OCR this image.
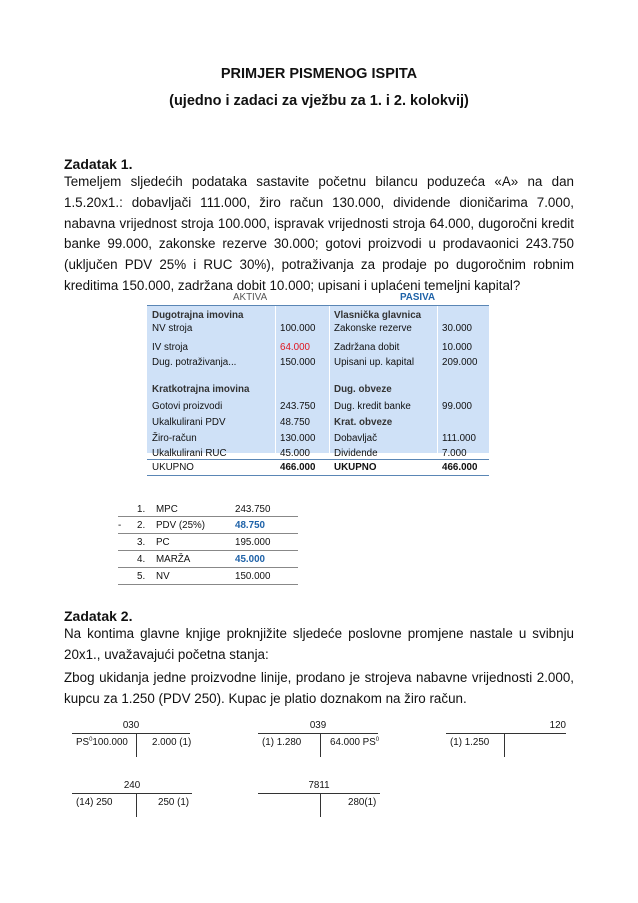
PRIMJER PISMENOG ISPITA
(ujedno i zadaci za vježbu za 1. i 2. kolokvij)
Zadatak 1.
Temeljem sljedećih podataka sastavite početnu bilancu poduzeća «A» na dan 1.5.20x1.: dobavljači 111.000, žiro račun 130.000, dividende dioničarima 7.000, nabavna vrijednost stroja 100.000, ispravak vrijednosti stroja 64.000, dugoročni kredit banke 99.000, zakonske rezerve 30.000; gotovi proizvodi u prodavaonici 243.750 (uključen PDV 25% i RUC 30%), potraživanja za prodaje po dugoročnim robnim kreditima 150.000, zadržana dobit 10.000; upisani i uplaćeni temeljni kapital?
AKTIVA	PASIVA
Dugotrajna imovina	Vlasnička glavnica
NV stroja	100.000 Zakonske rezerve	30.000
IV stroja	64.000 Zadržana dobit	10.000
Dug. potraživanja...	150.000 Upisani up. kapital	209.000
Kratkotrajna imovina	Dug. obveze
Gotovi proizvodi	243.750 Dug. kredit banke	99.000
Ukalkulirani PDV	48.750 Krat. obveze
Žiro-račun	130.000 Dobavljač	111.000
Ukalkulirani RUC	45.000 Dividende	7.000
UKUPNO	466.000 UKUPNO	466.000
1. MPC	243.750
- 2. PDV (25%)	48.750
3. PC	195.000
4. MARŽA	45.000
5. NV	150.000
Zadatak 2.
Na kontima glavne knjige proknjižite sljedeće poslovne promjene nastale u svibnju 20x1., uvažavajući početna stanja:
Zbog ukidanja jedne proizvodne linije, prodano je strojeva nabavne vrijednosti 2.000, kupcu za 1.250 (PDV 250). Kupac je platio doznakom na žiro račun.
030
$PS^0100.000$ 2.000 (1)
039
(1) 1.280	64.000 $PS^0$
120
(1) 1.250
240
(14) 250	250 (1)
7811
280(1)
